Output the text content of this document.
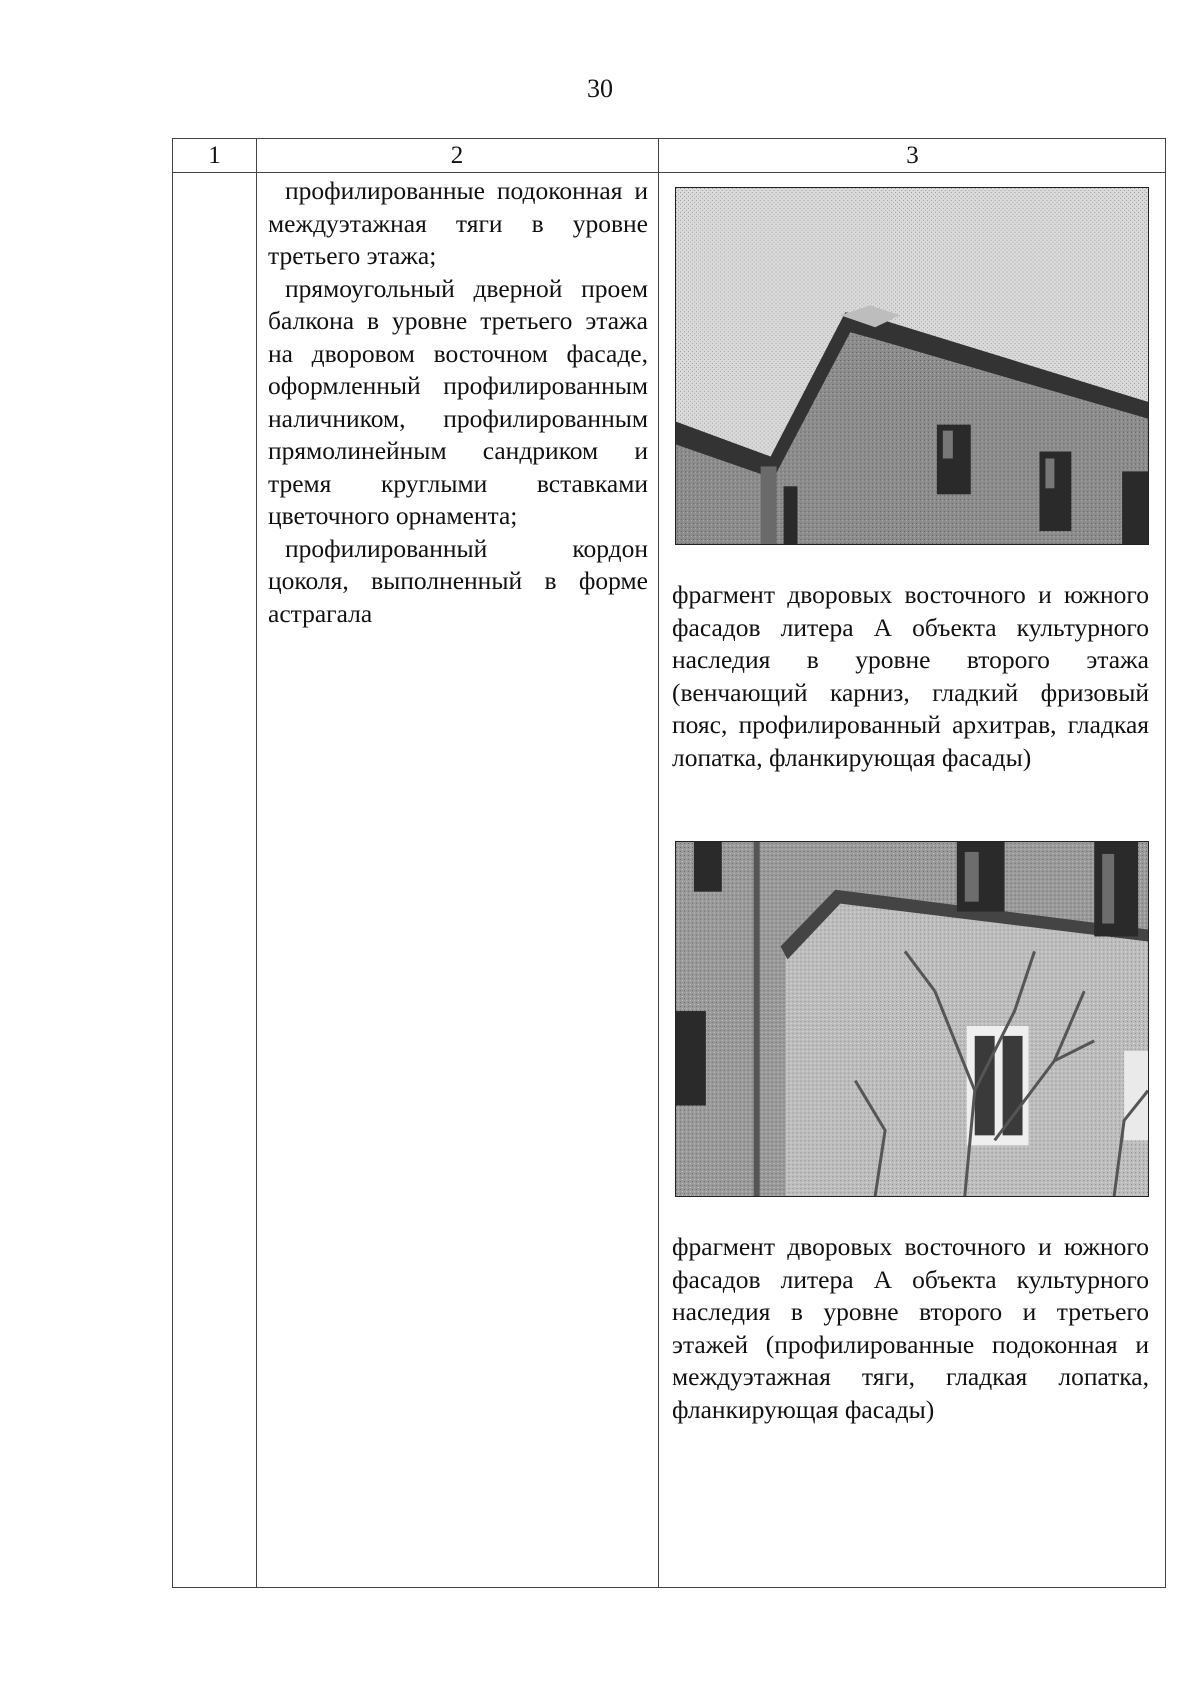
30
1	2	3

профилированные подоконная и междуэтажная тяги в уровне третьего этажа;

прямоугольный дверной проем балкона в уровне третьего этажа на дворовом восточном фасаде, оформленный профилированным наличником, профилированным прямолинейным сандриком и тремя круглыми вставками цветочного орнамента;

профилированный кордон цоколя, выполненный в форме астрагала

фрагмент дворовых восточного и южного фасадов литера А объекта культурного наследия в уровне второго этажа (венчающий карниз, гладкий фризовый пояс, профилированный архитрав, гладкая лопатка, фланкирующая фасады)

фрагмент дворовых восточного и южного фасадов литера А объекта культурного наследия в уровне второго и третьего этажей (профилированные подоконная и междуэтажная тяги, гладкая лопатка, фланкирующая фасады)
